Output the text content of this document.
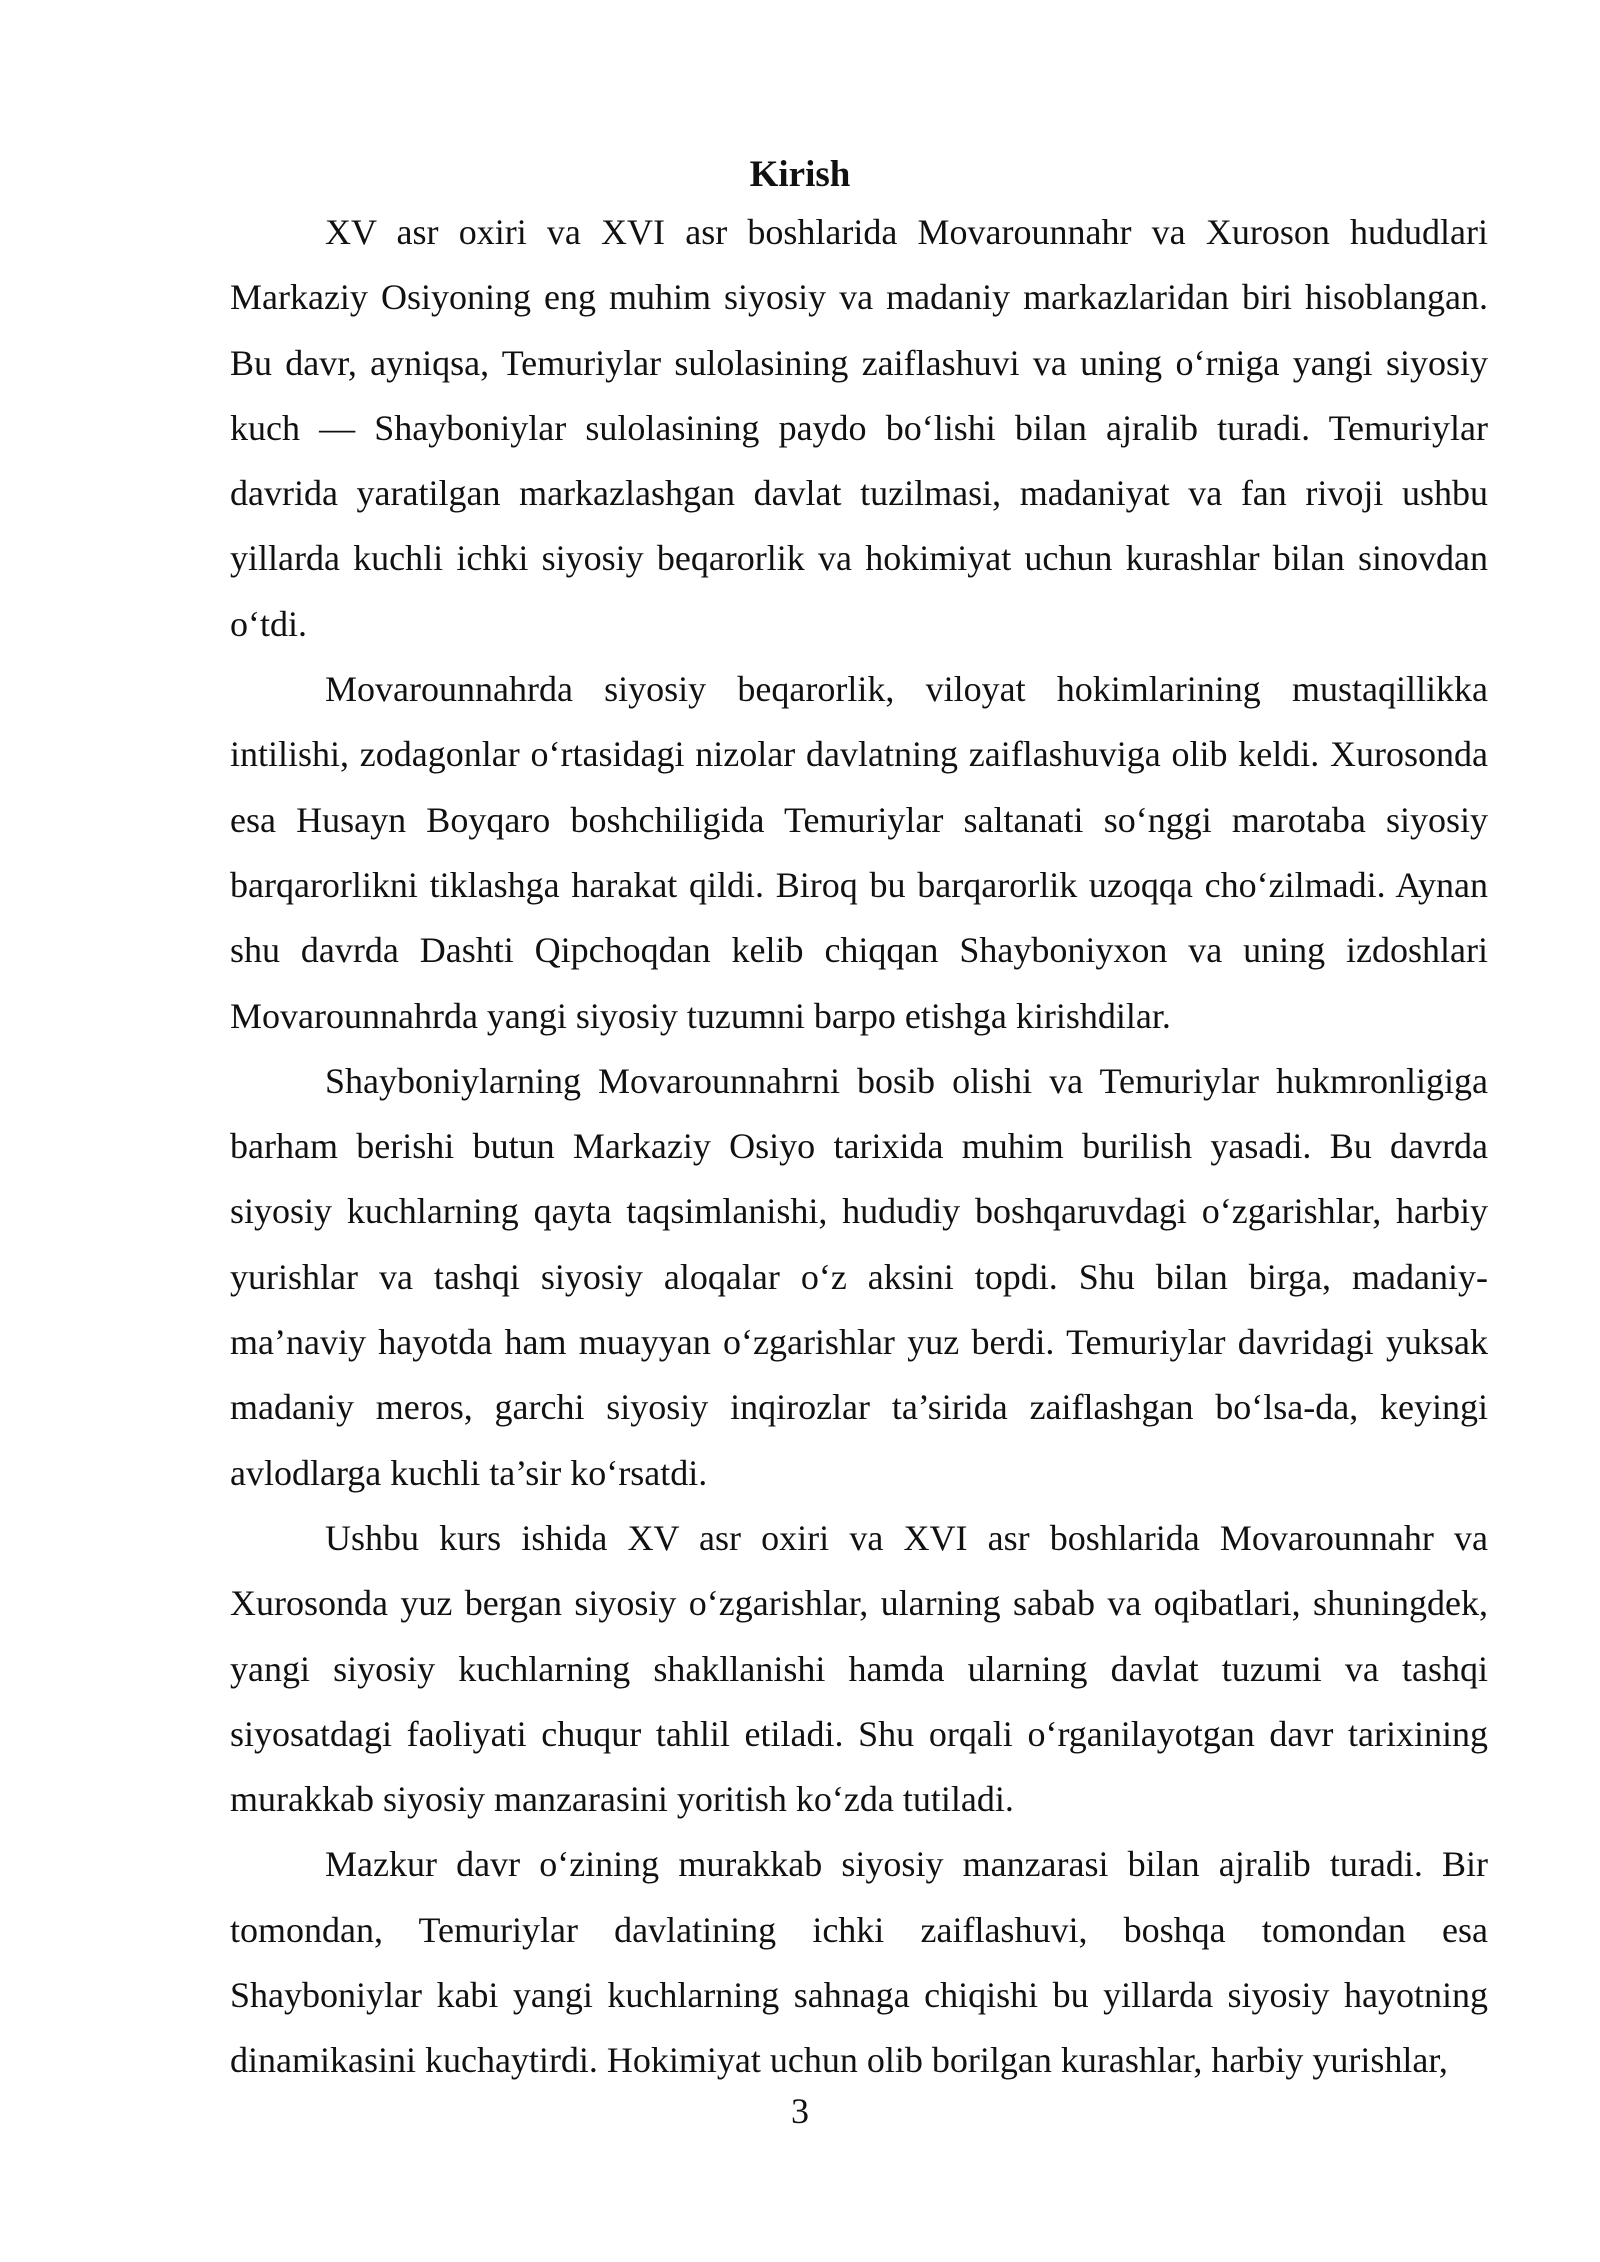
Kirish

XV asr oxiri va XVI asr boshlarida Movarounnahr va Xuroson hududlari Markaziy Osiyoning eng muhim siyosiy va madaniy markazlaridan biri hisoblangan. Bu davr, ayniqsa, Temuriylar sulolasining zaiflashuvi va uning o‘rniga yangi siyosiy kuch — Shayboniylar sulolasining paydo bo‘lishi bilan ajralib turadi. Temuriylar davrida yaratilgan markazlashgan davlat tuzilmasi, madaniyat va fan rivoji ushbu yillarda kuchli ichki siyosiy beqarorlik va hokimiyat uchun kurashlar bilan sinovdan o‘tdi.

Movarounnahrda siyosiy beqarorlik, viloyat hokimlarining mustaqillikka intilishi, zodagonlar o‘rtasidagi nizolar davlatning zaiflashuviga olib keldi. Xurosonda esa Husayn Boyqaro boshchiligida Temuriylar saltanati so‘nggi marotaba siyosiy barqarorlikni tiklashga harakat qildi. Biroq bu barqarorlik uzoqqa cho‘zilmadi. Aynan shu davrda Dashti Qipchoqdan kelib chiqqan Shayboniyxon va uning izdoshlari Movarounnahrda yangi siyosiy tuzumni barpo etishga kirishdilar.

Shayboniylarning Movarounnahrni bosib olishi va Temuriylar hukmronligiga barham berishi butun Markaziy Osiyo tarixida muhim burilish yasadi. Bu davrda siyosiy kuchlarning qayta taqsimlanishi, hududiy boshqaruvdagi o‘zgarishlar, harbiy yurishlar va tashqi siyosiy aloqalar o‘z aksini topdi. Shu bilan birga, madaniy-ma’naviy hayotda ham muayyan o‘zgarishlar yuz berdi. Temuriylar davridagi yuksak madaniy meros, garchi siyosiy inqirozlar ta’sirida zaiflashgan bo‘lsa-da, keyingi avlodlarga kuchli ta’sir ko‘rsatdi.

Ushbu kurs ishida XV asr oxiri va XVI asr boshlarida Movarounnahr va Xurosonda yuz bergan siyosiy o‘zgarishlar, ularning sabab va oqibatlari, shuningdek, yangi siyosiy kuchlarning shakllanishi hamda ularning davlat tuzumi va tashqi siyosatdagi faoliyati chuqur tahlil etiladi. Shu orqali o‘rganilayotgan davr tarixining murakkab siyosiy manzarasini yoritish ko‘zda tutiladi.

Mazkur davr o‘zining murakkab siyosiy manzarasi bilan ajralib turadi. Bir tomondan, Temuriylar davlatining ichki zaiflashuvi, boshqa tomondan esa Shayboniylar kabi yangi kuchlarning sahnaga chiqishi bu yillarda siyosiy hayotning dinamikasini kuchaytirdi. Hokimiyat uchun olib borilgan kurashlar, harbiy yurishlar,

3
